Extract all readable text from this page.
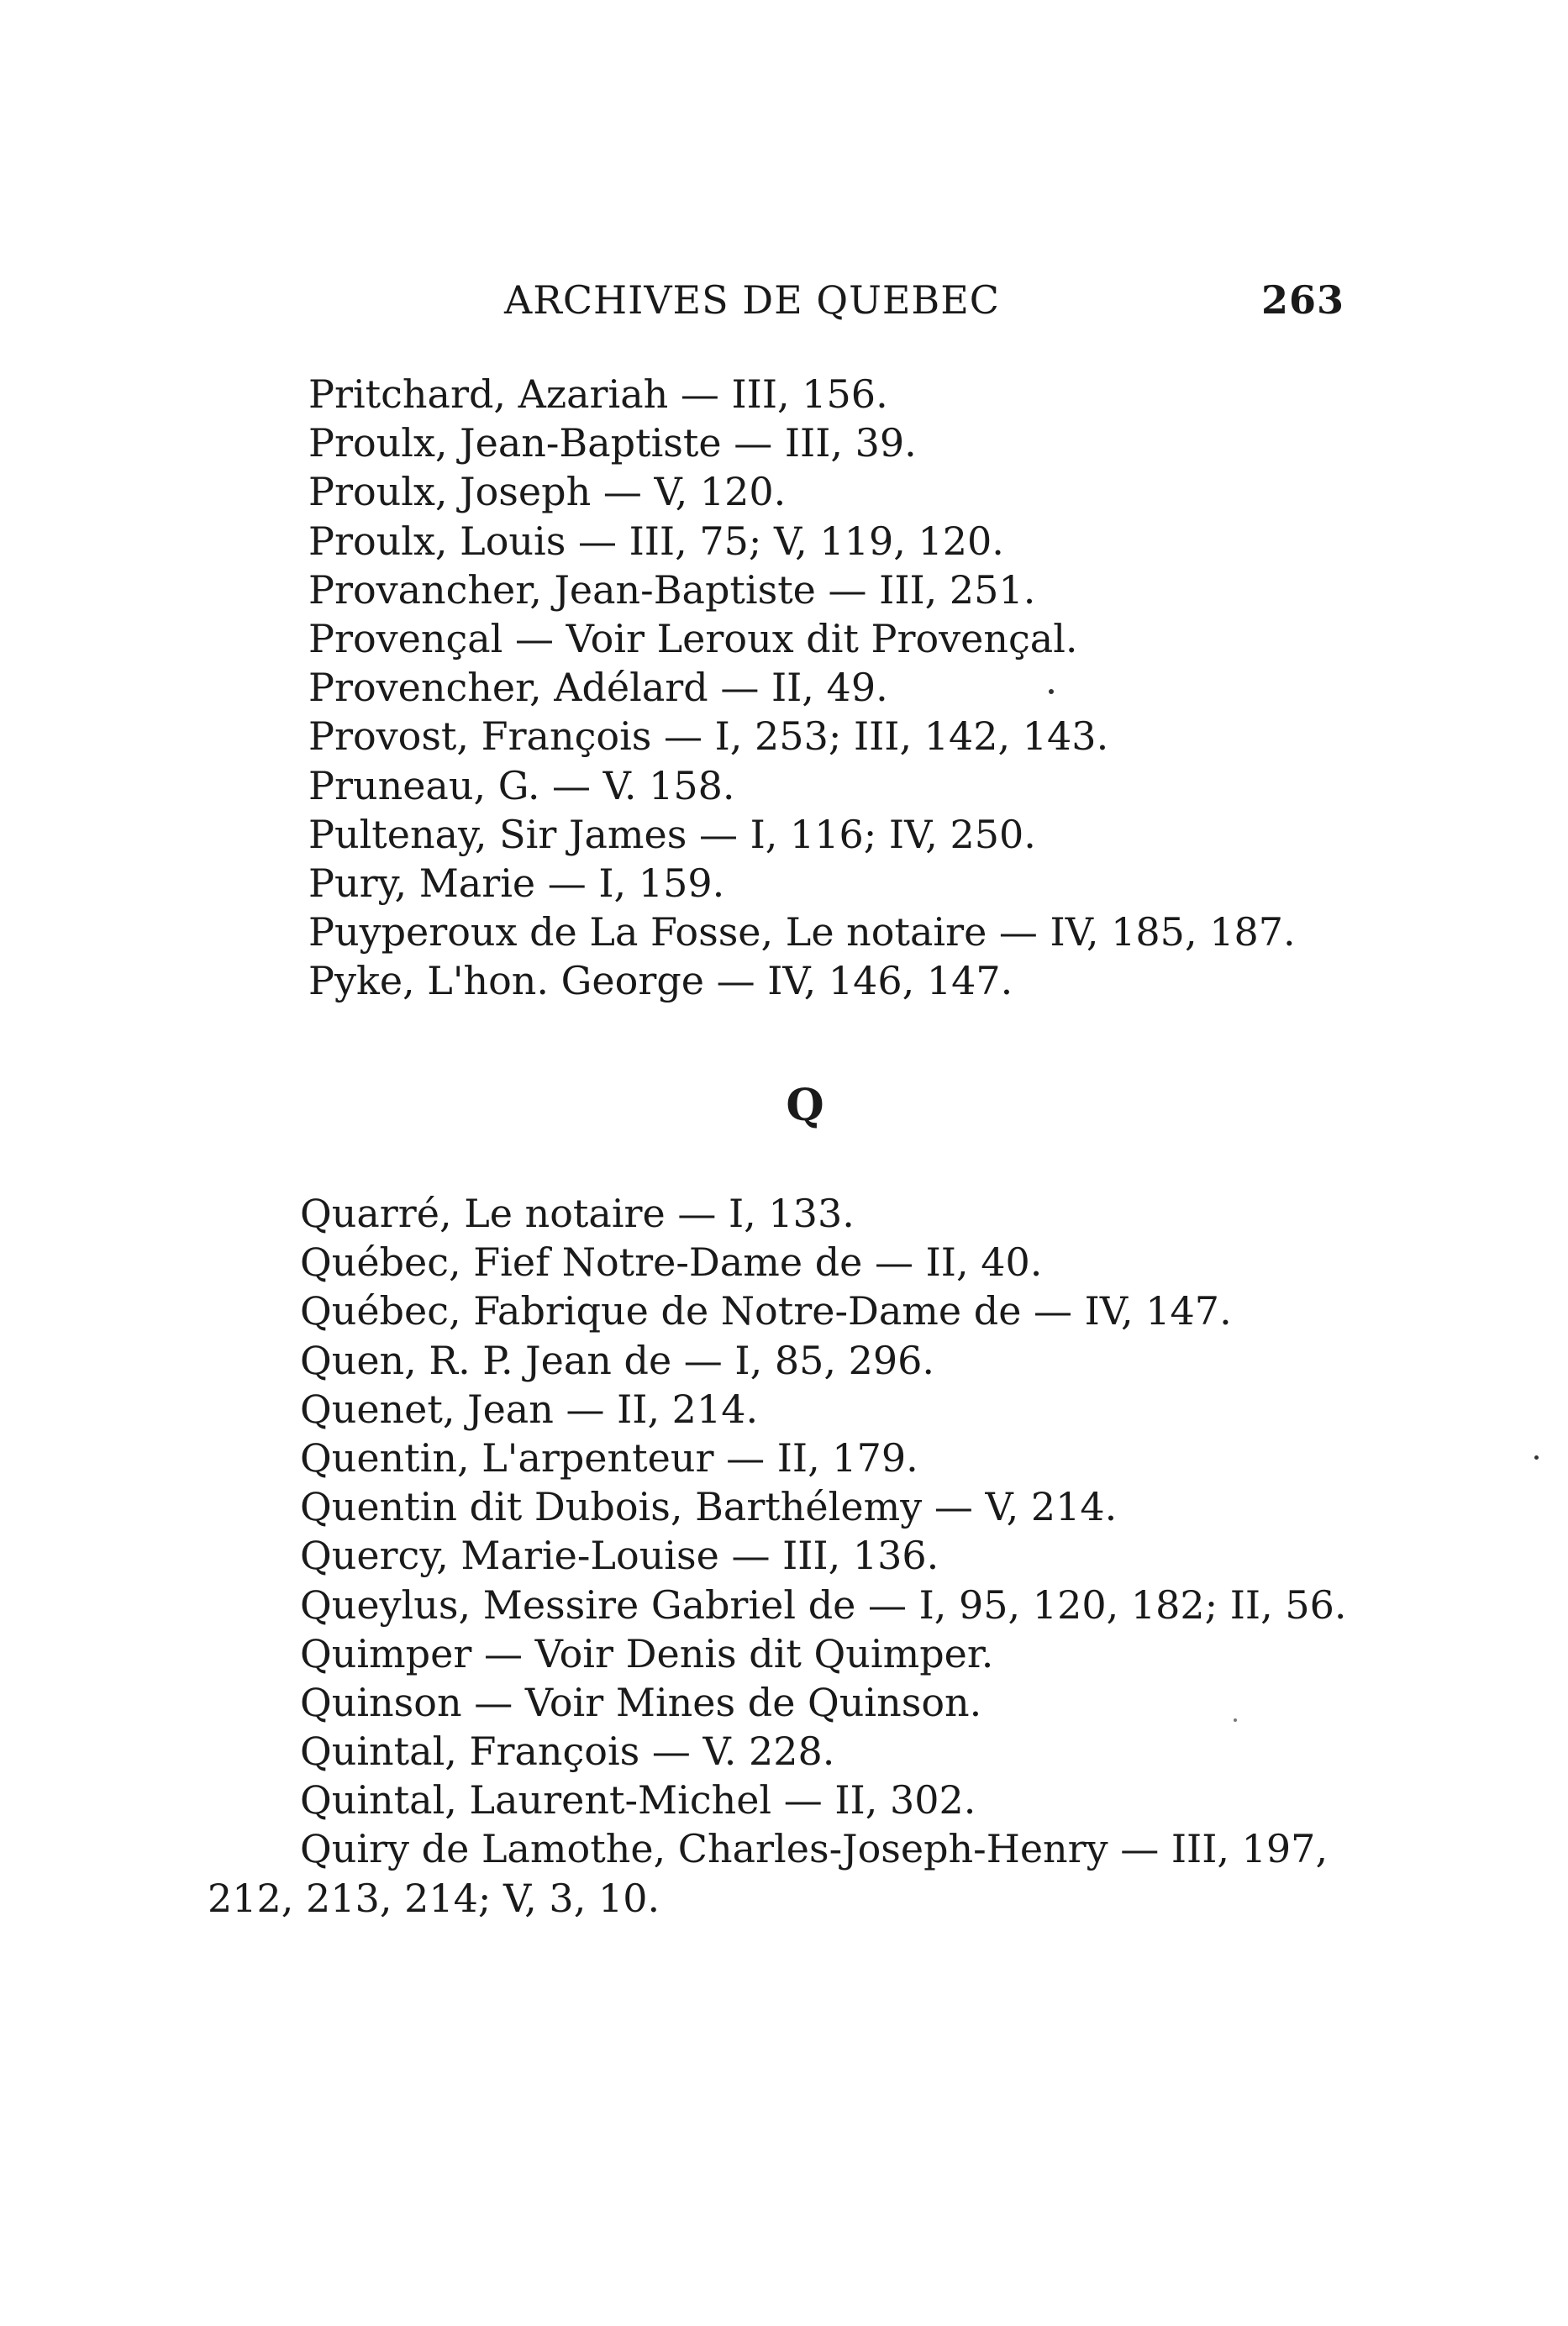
ARCHIVES DE QUEBEC	263
Pritchard, Azariah — III, 156.
Proulx, Jean-Baptiste — III, 39.
Proulx, Joseph — V, 120.
Proulx, Louis — III, 75; V, 119, 120.
Provancher, Jean-Baptiste — III, 251.
Provençal — Voir Leroux dit Provençal.
Provencher, Adélard — II, 49.
Provost, François — I, 253; III, 142, 143.
Pruneau, G. — V. 158.
Pultenay, Sir James — I, 116; IV, 250.
Pury, Marie — I, 159.
Puyperoux de La Fosse, Le notaire — IV, 185, 187.
Pyke, L'hon. George — IV, 146, 147.
Q
Quarré, Le notaire — I, 133.
Québec, Fief Notre-Dame de — II, 40.
Québec, Fabrique de Notre-Dame de — IV, 147.
Quen, R. P. Jean de — I, 85, 296.
Quenet, Jean — II, 214.
Quentin, L'arpenteur — II, 179.
Quentin dit Dubois, Barthélemy — V, 214.
Quercy, Marie-Louise — III, 136.
Queylus, Messire Gabriel de — I, 95, 120, 182; II, 56.
Quimper — Voir Denis dit Quimper.
Quinson — Voir Mines de Quinson.
Quintal, François — V. 228.
Quintal, Laurent-Michel — II, 302.
Quiry de Lamothe, Charles-Joseph-Henry — III, 197,
212, 213, 214; V, 3, 10.
